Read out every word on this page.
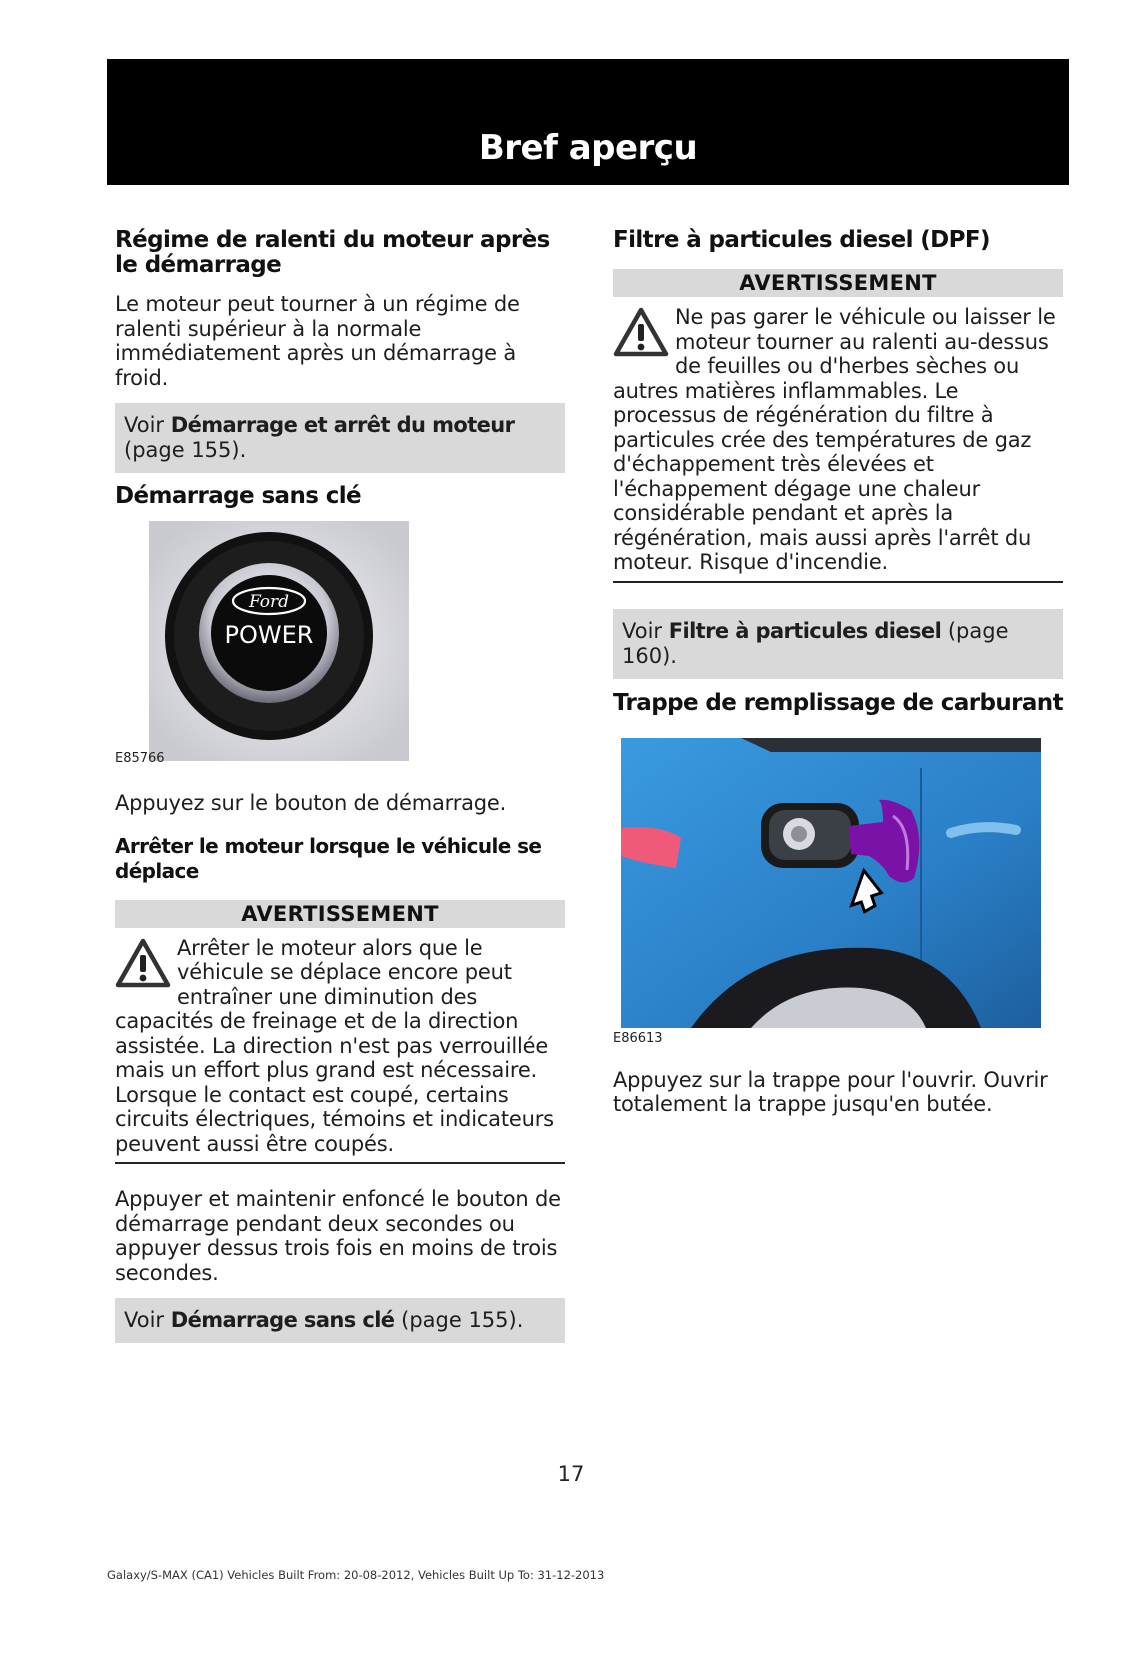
Bref aperçu
Régime de ralenti du moteur après le démarrage

Le moteur peut tourner à un régime de ralenti supérieur à la normale immédiatement après un démarrage à froid.

Voir Démarrage et arrêt du moteur (page 155).
Démarrage sans clé
Ford
POWER
E85766

Appuyez sur le bouton de démarrage.

Arrêter le moteur lorsque le véhicule se déplace
AVERTISSEMENT

Arrêter le moteur alors que le véhicule se déplace encore peut entraîner une diminution des capacités de freinage et de la direction assistée. La direction n'est pas verrouillée mais un effort plus grand est nécessaire. Lorsque le contact est coupé, certains circuits électriques, témoins et indicateurs peuvent aussi être coupés.

Appuyer et maintenir enfoncé le bouton de démarrage pendant deux secondes ou appuyer dessus trois fois en moins de trois secondes.

Voir Démarrage sans clé (page 155).
Filtre à particules diesel (DPF)
AVERTISSEMENT

Ne pas garer le véhicule ou laisser le moteur tourner au ralenti au-dessus de feuilles ou d'herbes sèches ou autres matières inflammables. Le processus de régénération du filtre à particules crée des températures de gaz d'échappement très élevées et l'échappement dégage une chaleur considérable pendant et après la régénération, mais aussi après l'arrêt du moteur. Risque d'incendie.

Voir Filtre à particules diesel (page 160).
Trappe de remplissage de carburant
E86613

Appuyez sur la trappe pour l'ouvrir. Ouvrir totalement la trappe jusqu'en butée.

17
Galaxy/S-MAX (CA1) Vehicles Built From: 20-08-2012, Vehicles Built Up To: 31-12-2013
